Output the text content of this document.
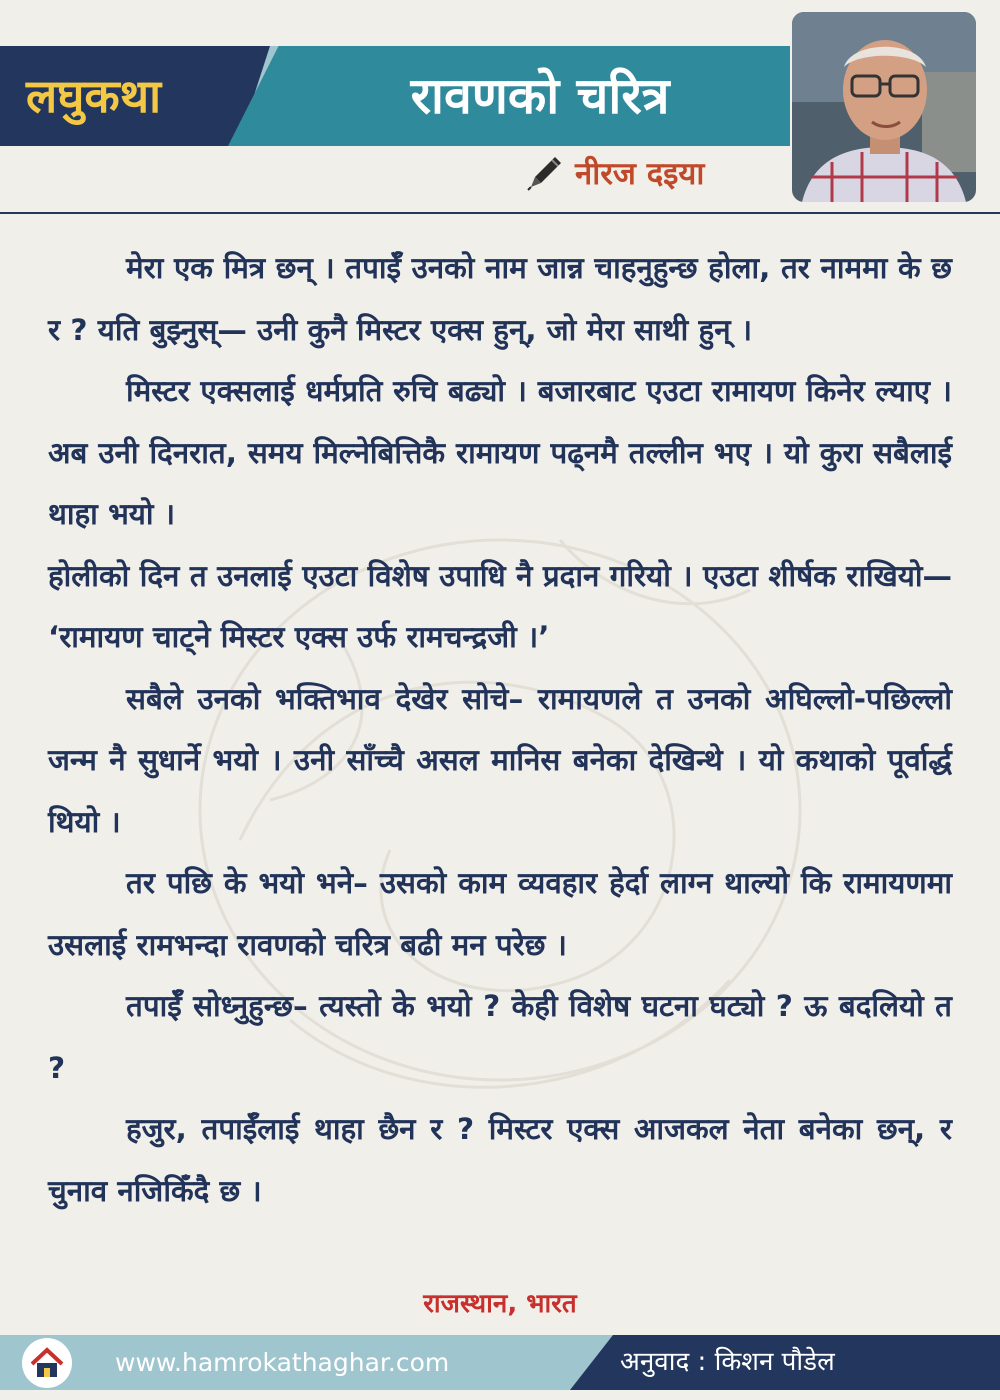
लघुकथा	रावणको चरित्र
नीरज दइया

मेरा एक मित्र छन् । तपाईँ उनको नाम जान्न चाहनुहुन्छ होला, तर नाममा के छ र ? यति बुझ्नुस्— उनी कुनै मिस्टर एक्स हुन्, जो मेरा साथी हुन् ।

मिस्टर एक्सलाई धर्मप्रति रुचि बढ्यो । बजारबाट एउटा रामायण किनेर ल्याए । अब उनी दिनरात, समय मिल्नेबित्तिकै रामायण पढ्नमै तल्लीन भए । यो कुरा सबैलाई थाहा भयो ।

होलीको दिन त उनलाई एउटा विशेष उपाधि नै प्रदान गरियो । एउटा शीर्षक राखियो— ‘रामायण चाट्ने मिस्टर एक्स उर्फ रामचन्द्रजी ।’

सबैले उनको भक्तिभाव देखेर सोचे– रामायणले त उनको अघिल्लो-पछिल्लो जन्म नै सुधार्ने भयो । उनी साँच्चै असल मानिस बनेका देखिन्थे । यो कथाको पूर्वार्द्ध थियो ।

तर पछि के भयो भने– उसको काम व्यवहार हेर्दा लाग्न थाल्यो कि रामायणमा उसलाई रामभन्दा रावणको चरित्र बढी मन परेछ ।

तपाईँ सोध्नुहुन्छ– त्यस्तो के भयो ? केही विशेष घटना घट्यो ? ऊ बदलियो त ?

हजुर, तपाईँलाई थाहा छैन र ? मिस्टर एक्स आजकल नेता बनेका छन्, र चुनाव नजिकिँदै छ ।

राजस्थान, भारत
www.hamrokathaghar.com	अनुवाद : किशन पौडेल
